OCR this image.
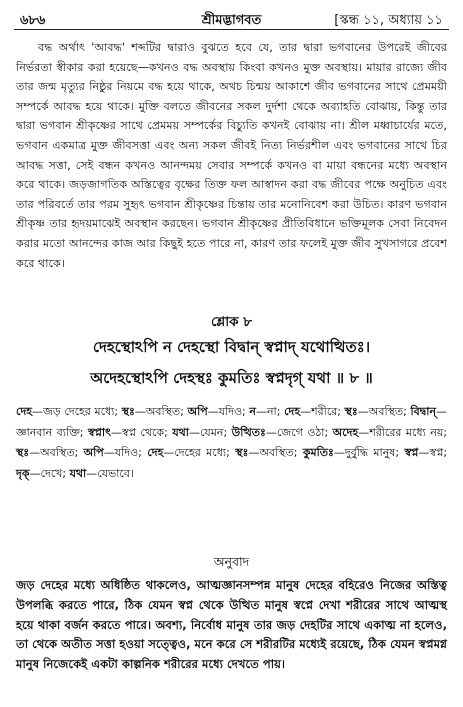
৬৮৬	শ্রীমদ্ভাগবত	[স্কন্ধ ১১, অধ্যায় ১১
বদ্ধ অর্থাৎ 'আবদ্ধ' শব্দটির দ্বারাও বুঝতে হবে যে, তার দ্বারা ভগবানের উপরেই জীবের নির্ভরতা স্বীকার করা হয়েছে—কখনও বদ্ধ অবস্থায় কিংবা কখনও মুক্ত অবস্থায়। মায়ার রাজ্যে জীব তার জন্ম মৃত্যুর নিষ্ঠুর নিয়মে বদ্ধ হয়ে থাকে, অথচ চিন্ময় আকাশে জীব ভগবানের সাথে প্রেমময়ী সম্পর্কে আবদ্ধ হয়ে থাকে। মুক্তি বলতে জীবনের সকল দুর্দশা থেকে অব্যাহতি বোঝায়, কিন্তু তার দ্বারা ভগবান শ্রীকৃষ্ণের সাথে প্রেমময় সম্পর্কের বিচ্যুতি কখনই বোঝায় না। শ্রীল মধ্বাচার্যের মতে, ভগবান একমাত্র মুক্ত জীবসত্তা এবং অন্য সকল জীবই নিত্য নির্ভরশীল এবং ভগবানের সাথে চির আবদ্ধ সত্তা, সেই বন্ধন কখনও আনন্দময় সেবার সম্পর্কে কখনও বা মায়া বন্ধনের মধ্যে অবস্থান করে থাকে। জড়জাগতিক অস্তিত্বের বৃক্ষের তিক্ত ফল আস্বাদন করা বদ্ধ জীবের পক্ষে অনুচিত এবং তার পরিবর্তে তার পরম সুহৃৎ ভগবান শ্রীকৃষ্ণের চিন্তায় তার মনোনিবেশ করা উচিত। কারণ ভগবান শ্রীকৃষ্ণ তার হৃদয়মাঝেই অবস্থান করছেন। ভগবান শ্রীকৃষ্ণের প্রীতিবিধানে ভক্তিমূলক সেবা নিবেদন করার মতো আনন্দের কাজ আর কিছুই হতে পারে না, কারণ তার ফলেই মুক্ত জীব সুখসাগরে প্রবেশ করে থাকে।
শ্লোক ৮
দেহস্থোঽপি ন দেহস্থো বিদ্বান্ স্বপ্নাদ্ যথোত্থিতঃ।
অদেহস্থোঽপি দেহস্থঃ কুমতিঃ স্বপ্নদৃগ্ যথা ॥ ৮ ॥
দেহ—জড় দেহের মধ্যে; স্থঃ—অবস্থিত; অপি—যদিও; ন—না; দেহ—শরীরে; স্থঃ—অবস্থিত; বিদ্বান্—জ্ঞানবান ব্যক্তি; স্বপ্নাৎ—স্বপ্ন থেকে; যথা—যেমন; উত্থিতঃ—জেগে ওঠা; অদেহ—শরীরের মধ্যে নয়; স্থঃ—অবস্থিত; অপি—যদিও; দেহ—দেহের মধ্যে; স্থঃ—অবস্থিত; কুমতিঃ—দুর্বুদ্ধি মানুষ; স্বপ্ন—স্বপ্ন; দৃক্—দেখে; যথা—যেভাবে।
অনুবাদ
জড় দেহের মধ্যে অধিষ্ঠিত থাকলেও, আত্মজ্ঞানসম্পন্ন মানুষ দেহের বহিরেও নিজের অস্তিত্ব উপলব্ধি করতে পারে, ঠিক যেমন স্বপ্ন থেকে উত্থিত মানুষ স্বপ্নে দেখা শরীরের সাথে আত্মস্থ হয়ে থাকা বর্জন করতে পারে। অবশ্য, নির্বোধ মানুষ তার জড় দেহটির সাথে একাত্ম না হলেও, তা থেকে অতীত সত্তা হওয়া সত্ত্বেও, মনে করে সে শরীরটির মধ্যেই রয়েছে, ঠিক যেমন স্বপ্নমগ্ন মানুষ নিজেকেই একটা কাল্পনিক শরীরের মধ্যে দেখতে পায়।
